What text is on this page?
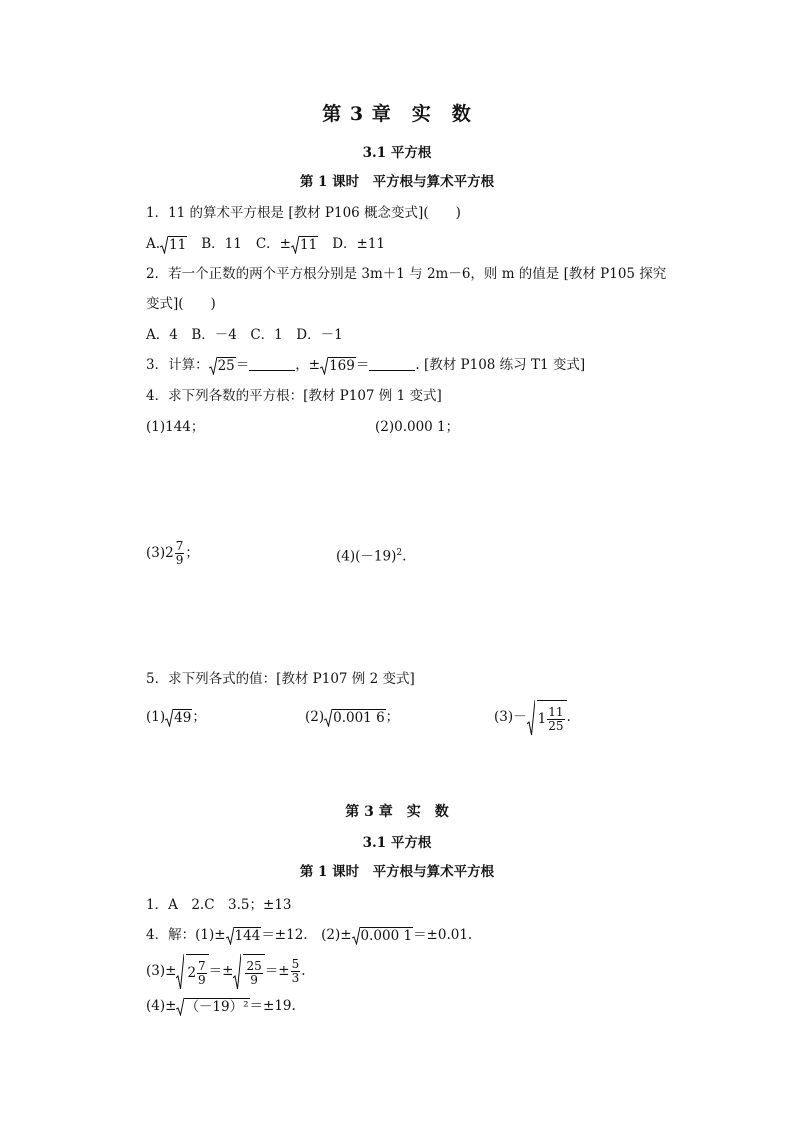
第 3 章　实　数
3.1 平方根
第 1 课时　平方根与算术平方根
1．11 的算术平方根是 [教材 P106 概念变式](　　)
A. 11 B．11 C．± 11 D．±11
2．若一个正数的两个平方根分别是 3m＋1 与 2m－6，则 m 的值是 [教材 P105 探究
变式](　　)
A．4　B．－4　C．1　D．－1
3．计算： 25 ＝	，± 169 ＝	. [教材 P108 练习 T1 变式]
4．求下列各数的平方根：[教材 P107 例 1 变式]
(1)144；	(2)0.000 1；
(3) $2 \frac{7}{9}$ ；	$(4)(-19)^2$.
5．求下列各式的值：[教材 P107 例 2 变式]
(1) 49 ；	(2) 0.001 6 ；	$(3)- 1 \frac{11}{25}$ .
第 3 章　实　数
3.1 平方根
第 1 课时　平方根与算术平方根
1．A　2.C　3.5；±13
4．解：(1)± 144 ＝±12.　(2)± 0.000 1 ＝±0.01.
$(3)\pm 2 \frac{7}{9} =\pm \frac{25}{9} =\pm \frac{5}{3}$ .
(4)± （－19）² ＝±19.
